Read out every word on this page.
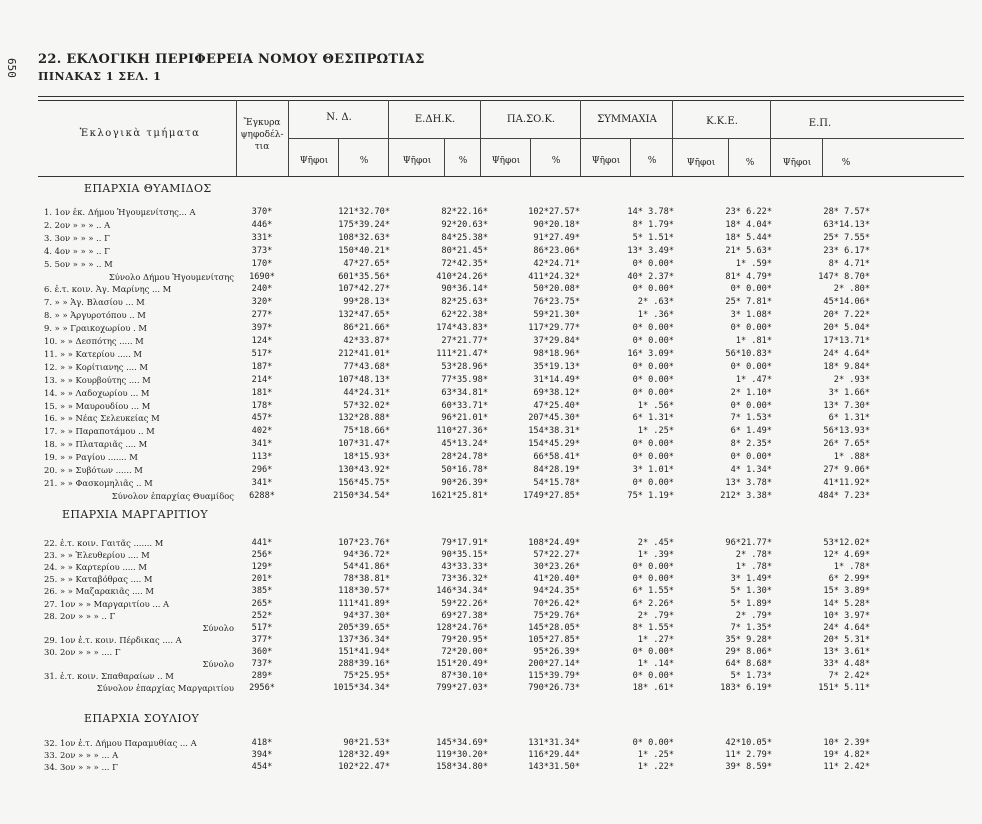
650 22. ΕΚΛΟΓΙΚΗ ΠΕΡΙΦΕΡΕΙΑ ΝΟΜΟΥ ΘΕΣΠΡΩΤΙΑΣ
ΠΙΝΑΚΑΣ 1 ΣΕΛ. 1
Ἐκλογικὰ τμήματα
Ἔγκυρα
ψηφοδέλ-
τια
Ν. Δ.	Ε.ΔΗ.Κ.	ΠΑ.ΣΟ.Κ.	ΣΥΜΜΑΧΙΑ	Κ.Κ.Ε.	Ε.Π.
Ψῆφοι	%	Ψῆφοι	%	Ψῆφοι	%	Ψῆφοι	%	Ψῆφοι	%	Ψῆφοι	%
ΕΠΑΡΧΙΑ ΘΥΑΜΙΔΟΣ
1. 1ον ἐκ. Δήμου Ἡγουμενίτσης... Α	370*	121*32.70*	82*22.16*	102*27.57*	14* 3.78*	23* 6.22*	28* 7.57*
2. 2ον » » » .. Α	446*	175*39.24*	92*20.63*	90*20.18*	8* 1.79*	18* 4.04*	63*14.13*
3. 3ον » » » .. Γ	331*	108*32.63*	84*25.38*	91*27.49*	5* 1.51*	18* 5.44*	25* 7.55*
4. 4ον » » » .. Γ	373*	150*40.21*	80*21.45*	86*23.06*	13* 3.49*	21* 5.63*	23* 6.17*
5. 5ον » » » .. Μ	170*	47*27.65*	72*42.35*	42*24.71*	0* 0.00*	1* .59*	8* 4.71*
Σύνολο Δήμου Ἡγουμενίτσης	1690*	601*35.56*	410*24.26*	411*24.32*	40* 2.37*	81* 4.79*	147* 8.70*
6. ἐ.τ. κοιν. Ἁγ. Μαρίνης ... Μ	240*	107*42.27*	90*36.14*	50*20.08*	0* 0.00*	0* 0.00*	2* .80*
7. » » Ἁγ. Βλασίου ... Μ	320*	99*28.13*	82*25.63*	76*23.75*	2* .63*	25* 7.81*	45*14.06*
8. » » Ἀργυροτόπου .. Μ	277*	132*47.65*	62*22.38*	59*21.30*	1* .36*	3* 1.08*	20* 7.22*
9. » » Γραικοχωρίου . Μ	397*	86*21.66*	174*43.83*	117*29.77*	0* 0.00*	0* 0.00*	20* 5.04*
10. » » Δεσπότης ..... Μ	124*	42*33.87*	27*21.77*	37*29.84*	0* 0.00*	1* .81*	17*13.71*
11. » » Κατερίου ..... Μ	517*	212*41.01*	111*21.47*	98*18.96*	16* 3.09*	56*10.83*	24* 4.64*
12. » » Κορίτιανης .... Μ	187*	77*43.68*	53*28.96*	35*19.13*	0* 0.00*	0* 0.00*	18* 9.84*
13. » » Κουρβούτης .... Μ	214*	107*48.13*	77*35.98*	31*14.49*	0* 0.00*	1* .47*	2* .93*
14. » » Λαδοχωρίου ... Μ	181*	44*24.31*	63*34.81*	69*38.12*	0* 0.00*	2* 1.10*	3* 1.66*
15. » » Μαυρουδίου ... Μ	178*	57*32.02*	60*33.71*	47*25.40*	1* .56*	0* 0.00*	13* 7.30*
16. » » Νέας Σελευκείας Μ	457*	132*28.88*	96*21.01*	207*45.30*	6* 1.31*	7* 1.53*	6* 1.31*
17. » » Παραποτάμου .. Μ	402*	75*18.66*	110*27.36*	154*38.31*	1* .25*	6* 1.49*	56*13.93*
18. » » Πλαταριᾶς .... Μ	341*	107*31.47*	45*13.24*	154*45.29*	0* 0.00*	8* 2.35*	26* 7.65*
19. » » Ραγίου ....... Μ	113*	18*15.93*	28*24.78*	66*58.41*	0* 0.00*	0* 0.00*	1* .88*
20. » » Συβότων ...... Μ	296*	130*43.92*	50*16.78*	84*28.19*	3* 1.01*	4* 1.34*	27* 9.06*
21. » » Φασκομηλιᾶς .. Μ	341*	156*45.75*	90*26.39*	54*15.78*	0* 0.00*	13* 3.78*	41*11.92*
Σύνολον ἐπαρχίας Θυαμίδος	6288*	2150*34.54*	1621*25.81*	1749*27.85*	75* 1.19*	212* 3.38*	484* 7.23*
ΕΠΑΡΧΙΑ ΜΑΡΓΑΡΙΤΙΟΥ
22. ἐ.τ. κοιν. Γαιτᾶς ....... Μ	441*	107*23.76*	79*17.91*	108*24.49*	2* .45*	96*21.77*	53*12.02*
23. » » Ἐλευθερίου .... Μ	256*	94*36.72*	90*35.15*	57*22.27*	1* .39*	2* .78*	12* 4.69*
24. » » Καρτερίου ..... Μ	129*	54*41.86*	43*33.33*	30*23.26*	0* 0.00*	1* .78*	1* .78*
25. » » Καταβόθρας .... Μ	201*	78*38.81*	73*36.32*	41*20.40*	0* 0.00*	3* 1.49*	6* 2.99*
26. » » Μαζαρακιᾶς .... Μ	385*	118*30.57*	146*34.34*	94*24.35*	6* 1.55*	5* 1.30*	15* 3.89*
27. 1ον » » Μαργαριτίου ... Α	265*	111*41.89*	59*22.26*	70*26.42*	6* 2.26*	5* 1.89*	14* 5.28*
28. 2ον » » » .. Γ	252*	94*37.30*	69*27.38*	75*29.76*	2* .79*	2* .79*	10* 3.97*
Σύνολο	517*	205*39.65*	128*24.76*	145*28.05*	8* 1.55*	7* 1.35*	24* 4.64*
29. 1ον ἐ.τ. κοιν. Πέρδικας .... Α	377*	137*36.34*	79*20.95*	105*27.85*	1* .27*	35* 9.28*	20* 5.31*
30. 2ον » » » .... Γ	360*	151*41.94*	72*20.00*	95*26.39*	0* 0.00*	29* 8.06*	13* 3.61*
Σύνολο	737*	288*39.16*	151*20.49*	200*27.14*	1* .14*	64* 8.68*	33* 4.48*
31. ἐ.τ. κοιν. Σπαθαραίων .. Μ	289*	75*25.95*	87*30.10*	115*39.79*	0* 0.00*	5* 1.73*	7* 2.42*
Σύνολον ἐπαρχίας Μαργαριτίου	2956*	1015*34.34*	799*27.03*	790*26.73*	18* .61*	183* 6.19*	151* 5.11*
ΕΠΑΡΧΙΑ ΣΟΥΛΙΟΥ
32. 1ον ἐ.τ. Δήμου Παραμυθίας ... Α	418*	90*21.53*	145*34.69*	131*31.34*	0* 0.00*	42*10.05*	10* 2.39*
33. 2ον » » » ... Α	394*	128*32.49*	119*30.20*	116*29.44*	1* .25*	11* 2.79*	19* 4.82*
34. 3ον » » » ... Γ	454*	102*22.47*	158*34.80*	143*31.50*	1* .22*	39* 8.59*	11* 2.42*
